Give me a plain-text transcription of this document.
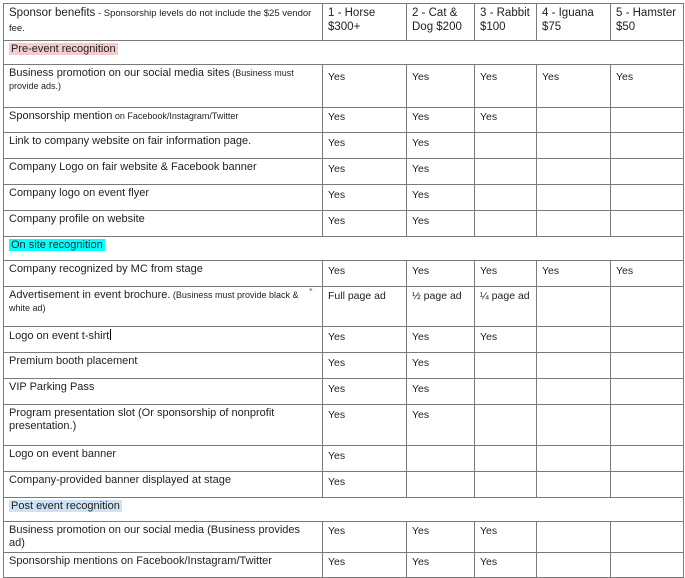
Sponsor benefits - Sponsorship levels do not include the $25 vendor fee.	1 - Horse $300+	2 - Cat & Dog $200	3 - Rabbit $100	4 - Iguana $75	5 - Hamster $50
Pre-event recognition					
Business promotion on our social media sites (Business must provide ads.)	Yes	Yes	Yes	Yes	Yes
Sponsorship mention on Facebook/Instagram/Twitter	Yes	Yes	Yes		
Link to company website on fair information page.	Yes	Yes			
Company Logo on fair website & Facebook banner	Yes	Yes			
Company logo on event flyer	Yes	Yes			
Company profile on website	Yes	Yes			
On site recognition					
Company recognized by MC from stage	Yes	Yes	Yes	Yes	Yes
Advertisement in event brochure. (Business must provide black & white ad)	Full page ad	½ page ad	¼ page ad		
Logo on event t-shirt	Yes	Yes	Yes		
Premium booth placement	Yes	Yes			
VIP Parking Pass	Yes	Yes			
Program presentation slot (Or sponsorship of nonprofit presentation.)	Yes	Yes			
Logo on event banner	Yes				
Company-provided banner displayed at stage	Yes				
Post event recognition					
Business promotion on our social media (Business provides ad)	Yes	Yes	Yes		
Sponsorship mentions on Facebook/Instagram/Twitter	Yes	Yes	Yes		
▾
